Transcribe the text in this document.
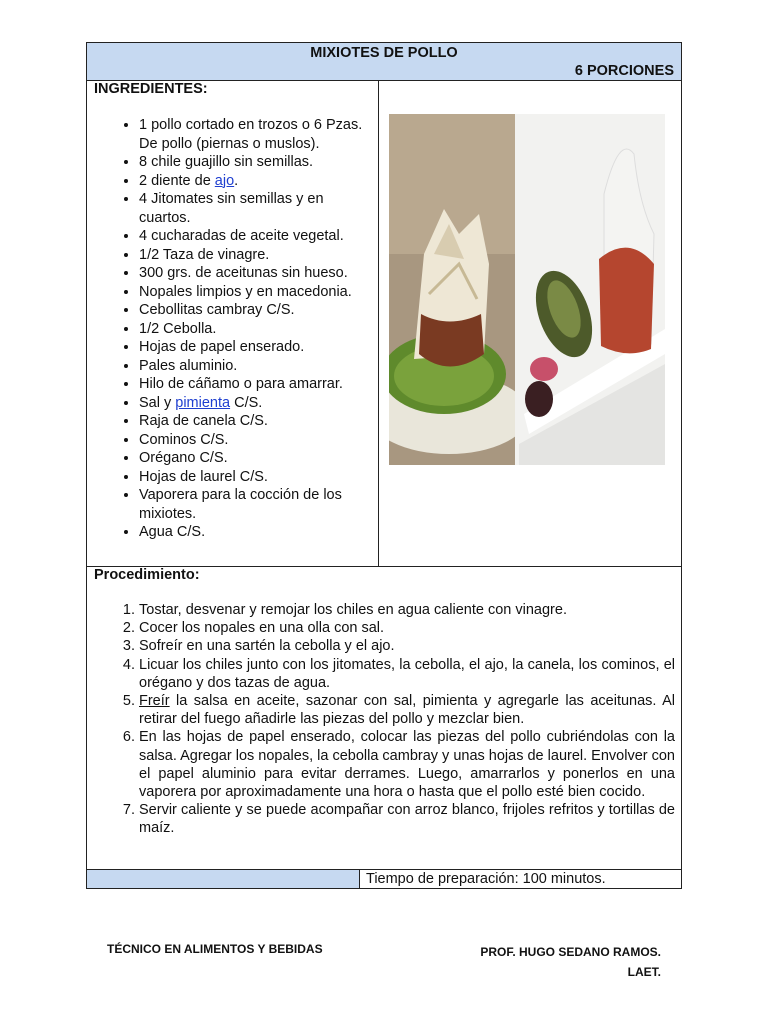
MIXIOTES DE POLLO
6 PORCIONES
INGREDIENTES:
• 1 pollo cortado en trozos o 6 Pzas. De pollo (piernas o muslos).
• 8 chile guajillo sin semillas.
• 2 diente de ajo.
• 4 Jitomates sin semillas y en cuartos.
• 4 cucharadas de aceite vegetal.
• 1/2 Taza de vinagre.
• 300 grs. de aceitunas sin hueso.
• Nopales limpios y en macedonia.
• Cebollitas cambray C/S.
• 1/2 Cebolla.
• Hojas de papel enserado.
• Pales aluminio.
• Hilo de cáñamo o para amarrar.
• Sal y pimienta C/S.
• Raja de canela C/S.
• Cominos C/S.
• Orégano C/S.
• Hojas de laurel C/S.
• Vaporera para la cocción de los mixiotes.
• Agua C/S.
Procedimiento:
1. Tostar, desvenar y remojar los chiles en agua caliente con vinagre.
2. Cocer los nopales en una olla con sal.
3. Sofreír en una sartén la cebolla y el ajo.
4. Licuar los chiles junto con los jitomates, la cebolla, el ajo, la canela, los cominos, el orégano y dos tazas de agua.
5. Freír la salsa en aceite, sazonar con sal, pimienta y agregarle las aceitunas. Al retirar del fuego añadirle las piezas del pollo y mezclar bien.
6. En las hojas de papel enserado, colocar las piezas del pollo cubriéndolas con la salsa. Agregar los nopales, la cebolla cambray y unas hojas de laurel. Envolver con el papel aluminio para evitar derrames. Luego, amarrarlos y ponerlos en una vaporera por aproximadamente una hora o hasta que el pollo esté bien cocido.
7. Servir caliente y se puede acompañar con arroz blanco, frijoles refritos y tortillas de maíz.
Tiempo de preparación: 100 minutos.
TÉCNICO EN ALIMENTOS Y BEBIDAS	PROF. HUGO SEDANO RAMOS.
LAET.
